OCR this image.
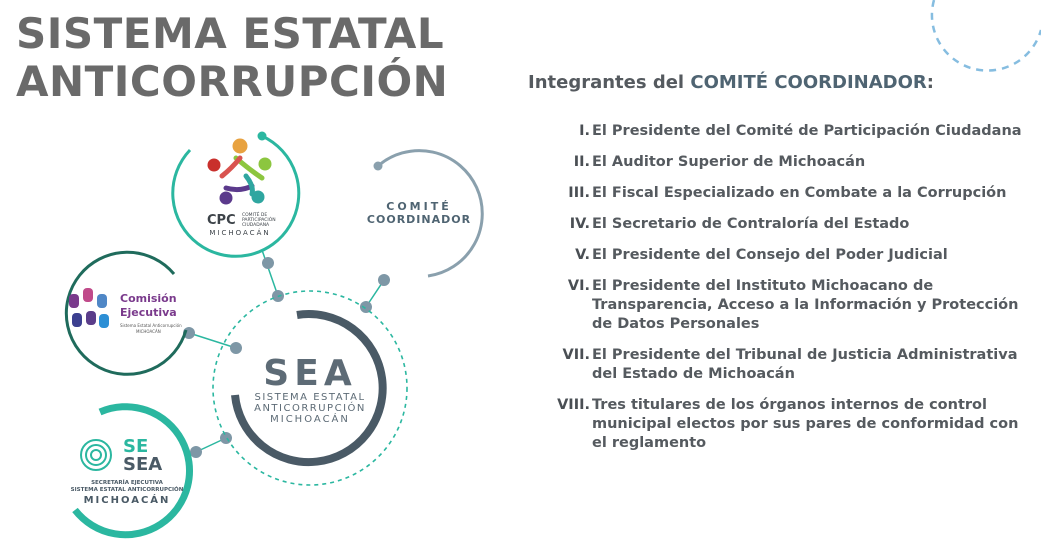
SISTEMA ESTATAL
ANTICORRUPCIÓN
SEA
SISTEMA ESTATAL
ANTICORRUPCIÓN
MICHOACÁN
CPC COMITÉ DE
PARTICIPACIÓN
CIUDADANA
MICHOACÁN
COMITÉ
COORDINADOR
Comisión
Ejecutiva
Sistema Estatal Anticorrupción
MICHOACÁN
SE
SEA
SECRETARÍA EJECUTIVA
SISTEMA ESTATAL ANTICORRUPCIÓN
MICHOACÁN
Integrantes del COMITÉ COORDINADOR:
I. El Presidente del Comité de Participación Ciudadana
II. El Auditor Superior de Michoacán
III. El Fiscal Especializado en Combate a la Corrupción
IV. El Secretario de Contraloría del Estado
V. El Presidente del Consejo del Poder Judicial
VI. El Presidente del Instituto Michoacano de Transparencia, Acceso a la Información y Protección de Datos Personales
VII. El Presidente del Tribunal de Justicia Administrativa del Estado de Michoacán
VIII. Tres titulares de los órganos internos de control municipal electos por sus pares de conformidad con el reglamento
